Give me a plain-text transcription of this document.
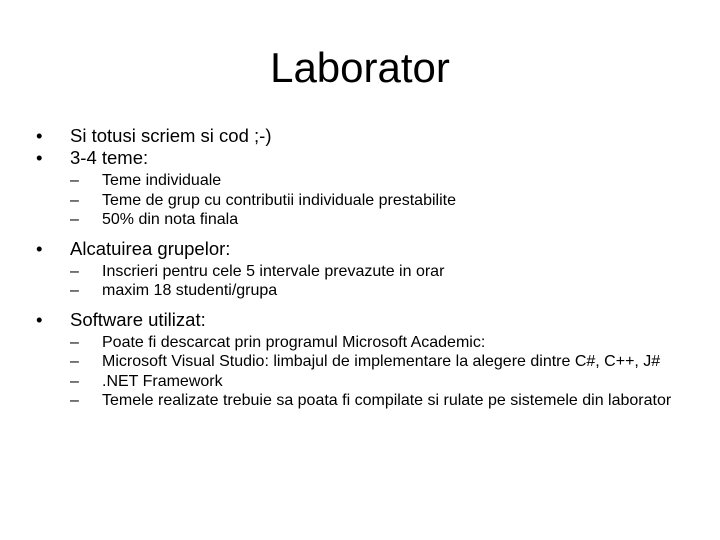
Laborator
•	Si totusi scriem si cod ;-)
•	3-4 teme:
–	Teme individuale
–	Teme de grup cu contributii individuale prestabilite
–	50% din nota finala
•	Alcatuirea grupelor:
–	Inscrieri pentru cele 5 intervale prevazute in orar
–	maxim 18 studenti/grupa
•	Software utilizat:
–	Poate fi descarcat prin programul Microsoft Academic:
–	Microsoft Visual Studio: limbajul de implementare la alegere dintre C#, C++, J#
–	.NET Framework
–	Temele realizate trebuie sa poata fi compilate si rulate pe sistemele din laborator
